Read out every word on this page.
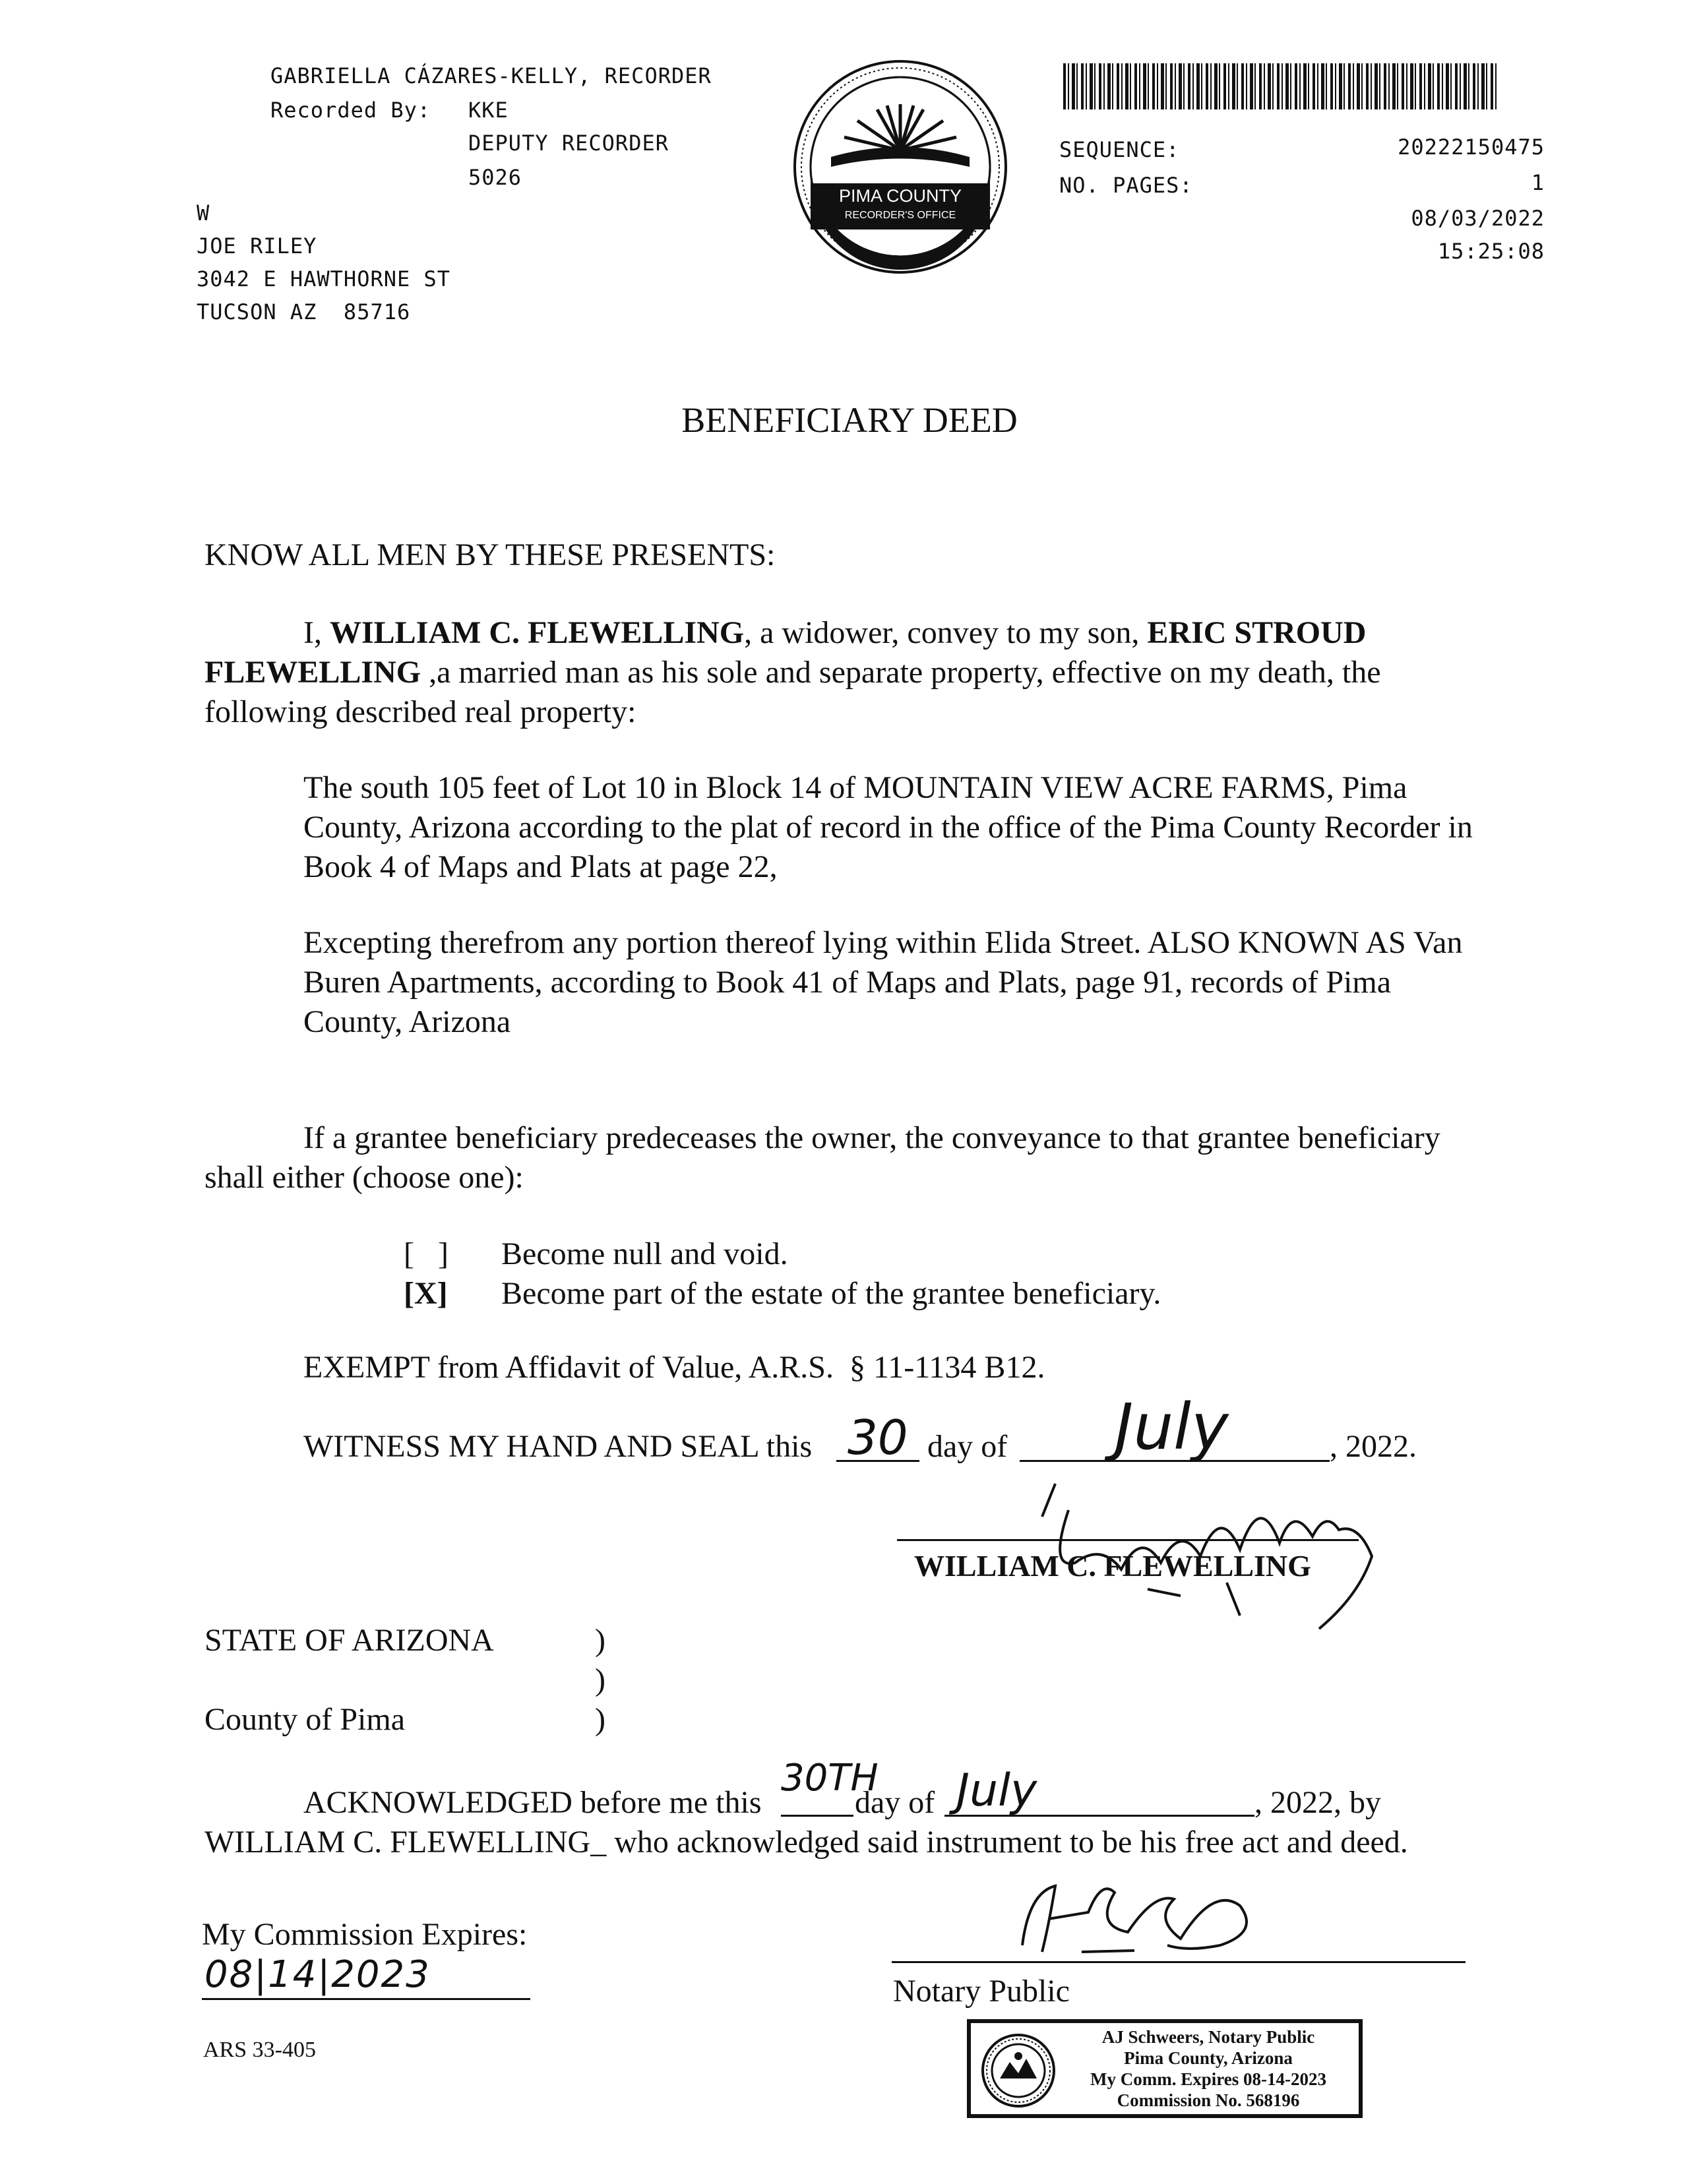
GABRIELLA CÁZARES-KELLY, RECORDER
Recorded By: KKE
DEPUTY RECORDER
5026
W
JOE RILEY
3042 E HAWTHORNE ST
TUCSON AZ  85716
PIMA COUNTY
RECORDER'S OFFICE
SEQUENCE:	20222150475
NO. PAGES:	1
08/03/2022
15:25:08
BENEFICIARY DEED
KNOW ALL MEN BY THESE PRESENTS:

I, WILLIAM C. FLEWELLING, a widower, convey to my son, ERIC STROUD FLEWELLING ,a married man as his sole and separate property, effective on my death, the following described real property:

The south 105 feet of Lot 10 in Block 14 of MOUNTAIN VIEW ACRE FARMS, Pima County, Arizona according to the plat of record in the office of the Pima County Recorder in Book 4 of Maps and Plats at page 22,

Excepting therefrom any portion thereof lying within Elida Street. ALSO KNOWN AS Van Buren Apartments, according to Book 41 of Maps and Plats, page 91, records of Pima County, Arizona

If a grantee beneficiary predeceases the owner, the conveyance to that grantee beneficiary shall either (choose one):

[   ] Become null and void.
[X] Become part of the estate of the grantee beneficiary.
EXEMPT from Affidavit of Value, A.R.S.  § 11-1134 B12.
WITNESS MY HAND AND SEAL this 30 day of July	, 2022.
WILLIAM C. FLEWELLING
STATE OF ARIZONA	)
)
County of Pima	)
ACKNOWLEDGED before me this
30TH
day of July	, 2022, by
WILLIAM C. FLEWELLING_ who acknowledged said instrument to be his free act and deed.
My Commission Expires:
08|14|2023	Notary Public
AJ Schweers, Notary Public
Pima County, Arizona
My Comm. Expires 08-14-2023
Commission No. 568196
ARS 33-405
